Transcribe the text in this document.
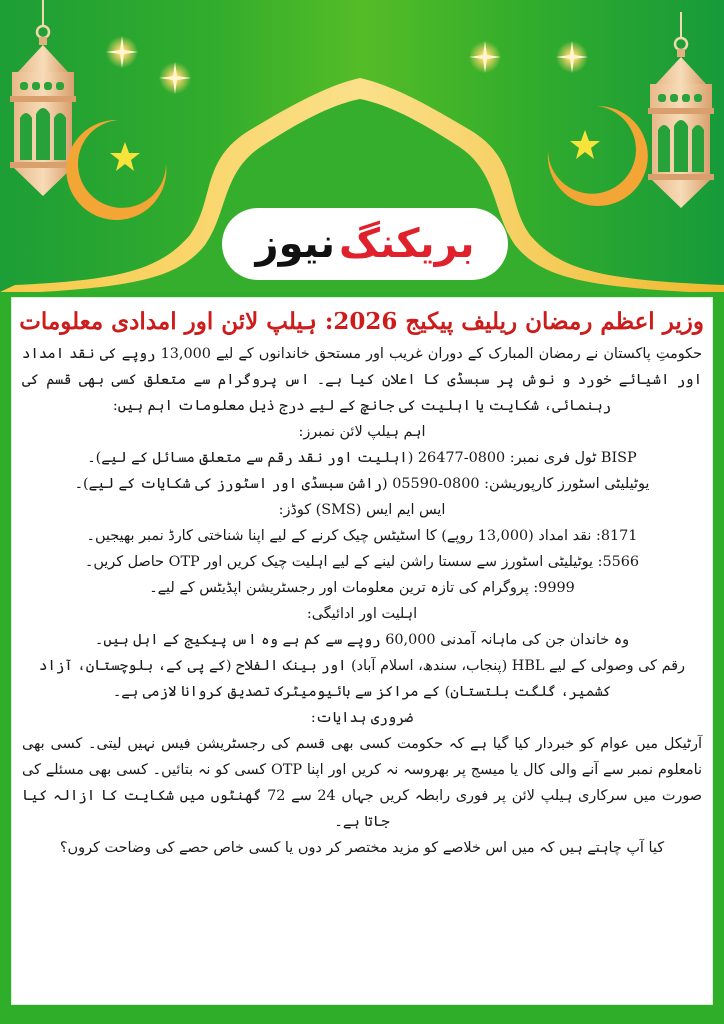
بریکنگ
نیوز
وزیر اعظم رمضان ریلیف پیکیج 2026: ہیلپ لائن اور امدادی معلومات

حکومتِ پاکستان نے رمضان المبارک کے دوران غریب اور مستحق خاندانوں کے لیے 13,000 روپے کی نقد امداد اور اشیائے خورد و نوش پر سبسڈی کا اعلان کیا ہے۔ اس پروگرام سے متعلق کسی بھی قسم کی رہنمائی، شکایت یا اہلیت کی جانچ کے لیے درج ذیل معلومات اہم ہیں:

اہم ہیلپ لائن نمبرز:

BISP ٹول فری نمبر: 0800-26477 (اہلیت اور نقد رقم سے متعلق مسائل کے لیے)۔

یوٹیلیٹی اسٹورز کارپوریشن: 0800-05590 (راشن سبسڈی اور اسٹورز کی شکایات کے لیے)۔

ایس ایم ایس (SMS) کوڈز:

8171: نقد امداد (13,000 روپے) کا اسٹیٹس چیک کرنے کے لیے اپنا شناختی کارڈ نمبر بھیجیں۔

5566: یوٹیلیٹی اسٹورز سے سستا راشن لینے کے لیے اہلیت چیک کریں اور OTP حاصل کریں۔

9999: پروگرام کی تازہ ترین معلومات اور رجسٹریشن اپڈیٹس کے لیے۔

اہلیت اور ادائیگی:

وہ خاندان جن کی ماہانہ آمدنی 60,000 روپے سے کم ہے وہ اس پیکیج کے اہل ہیں۔

رقم کی وصولی کے لیے HBL (پنجاب، سندھ، اسلام آباد) اور بینک الفلاح (کے پی کے، بلوچستان، آزاد کشمیر، گلگت بلتستان) کے مراکز سے بائیومیٹرک تصدیق کروانا لازمی ہے۔

ضروری ہدایات:

آرٹیکل میں عوام کو خبردار کیا گیا ہے کہ حکومت کسی بھی قسم کی رجسٹریشن فیس نہیں لیتی۔ کسی بھی نامعلوم نمبر سے آنے والی کال یا میسج پر بھروسہ نہ کریں اور اپنا OTP کسی کو نہ بتائیں۔ کسی بھی مسئلے کی صورت میں سرکاری ہیلپ لائن پر فوری رابطہ کریں جہاں 24 سے 72 گھنٹوں میں شکایت کا ازالہ کیا جاتا ہے۔

کیا آپ چاہتے ہیں کہ میں اس خلاصے کو مزید مختصر کر دوں یا کسی خاص حصے کی وضاحت کروں؟
